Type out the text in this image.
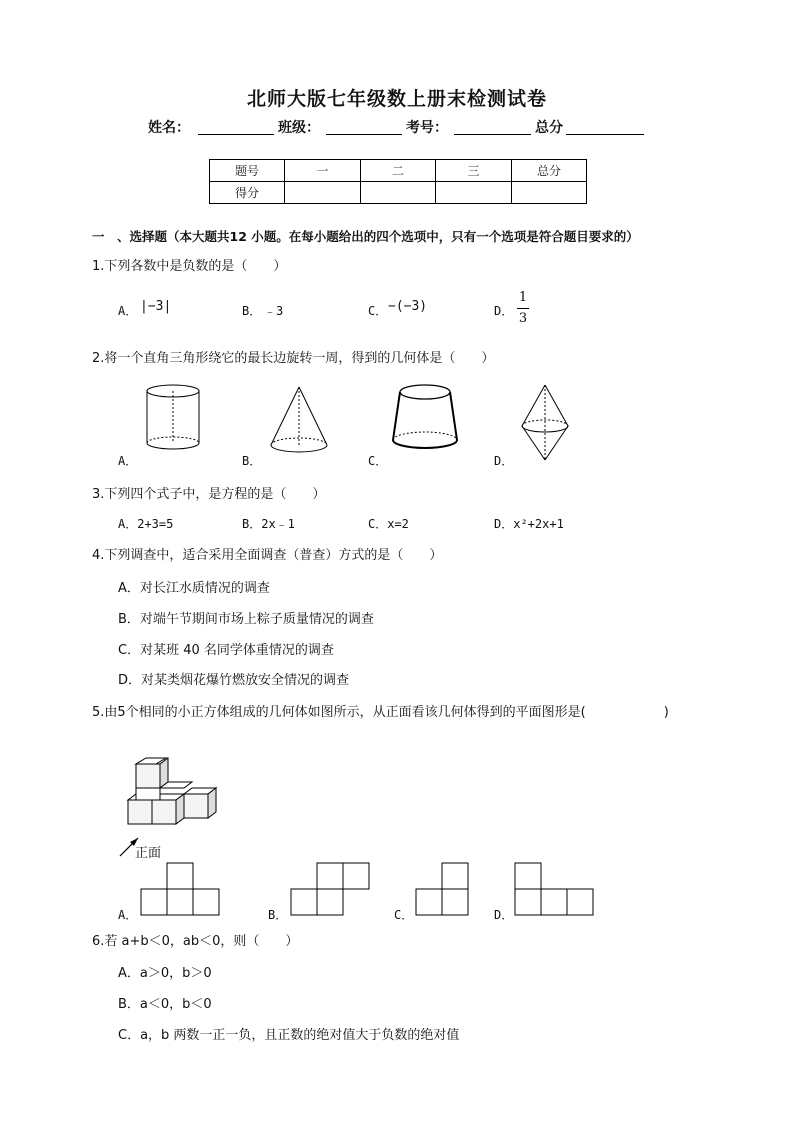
北师大版七年级数上册末检测试卷
姓名：	班级：	考号：	总分
题号	一	二	三	总分
得分				
一　、选择题（本大题共12 小题。在每小题给出的四个选项中，只有一个选项是符合题目要求的）
1.下列各数中是负数的是（　　）
A． |−3|	B． ﹣3	C． −(−3)	D．
1
3
2.将一个直角三角形绕它的最长边旋转一周，得到的几何体是（　　）
A．	B．	C．	D．
3.下列四个式子中，是方程的是（　　）
A．2+3=5	B．2x﹣1	C．x=2	D．x²+2x+1
4.下列调查中，适合采用全面调查（普查）方式的是（　　）
A．对长江水质情况的调查
B．对端午节期间市场上粽子质量情况的调查
C．对某班 40 名同学体重情况的调查
D．对某类烟花爆竹燃放安全情况的调查
5.由5个相同的小正方体组成的几何体如图所示，从正面看该几何体得到的平面图形是(　　　　　　)
正面
A．	B．	C．	D．
6.若 a+b＜0，ab＜0，则（　　）
A．a＞0，b＞0
B．a＜0，b＜0
C．a，b 两数一正一负，且正数的绝对值大于负数的绝对值
